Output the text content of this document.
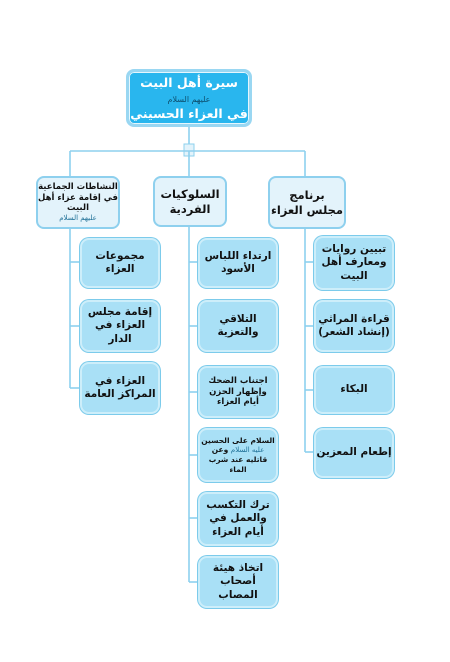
سيرة أهل البيت عليهم السلام
في العزاء الحسيني
برنامج
مجلس العزاء
السلوكيات
الفردية
النشاطات الجماعية في إقامة عزاء أهل البيت
عليهم السلام
تبيين روايات ومعارف أهل البيت
قراءة المراثي (إنشاد الشعر)
البكاء
إطعام المعزين
ارتداء اللباس الأسود
التلاقي والتعزية
اجتناب الضحك وإظهار الحزن أيام العزاء
السلام على الحسين
عليه السلام وعن قاتليه عند شرب الماء
ترك التكسب والعمل في أيام العزاء
اتخاذ هيئة أصحاب المصاب
مجموعات العزاء
إقامة مجلس العزاء في الدار
العزاء في المراكز العامة
